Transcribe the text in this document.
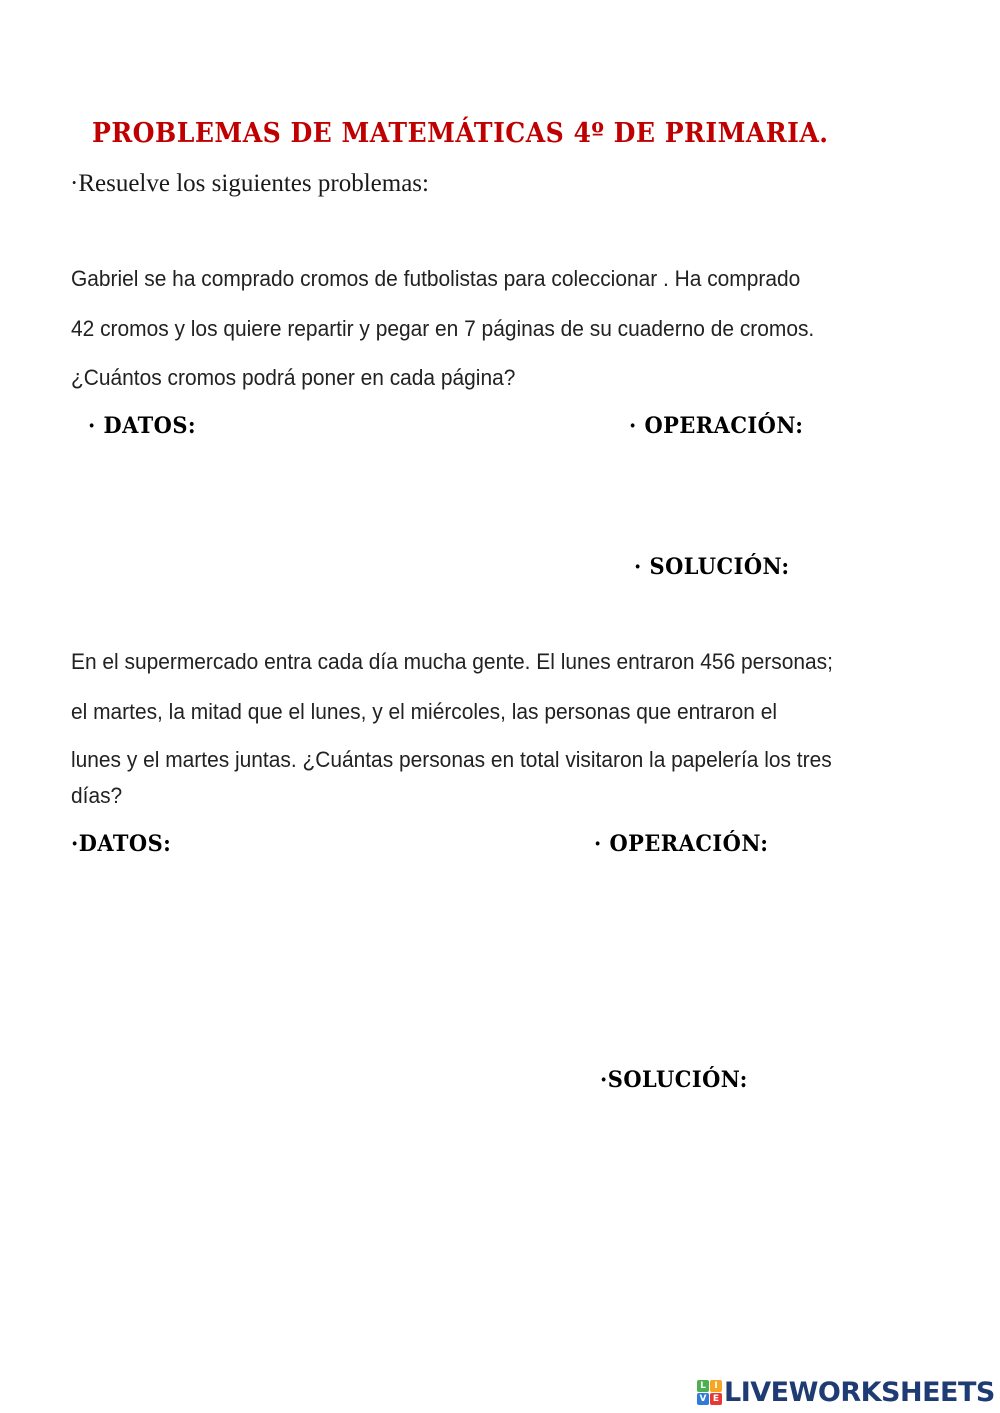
PROBLEMAS DE MATEMÁTICAS 4º DE PRIMARIA.
·Resuelve los siguientes problemas:
Gabriel se ha comprado cromos de futbolistas para coleccionar . Ha comprado
42 cromos y los quiere repartir y pegar en 7 páginas de su cuaderno de cromos.
¿Cuántos cromos podrá poner en cada página?
· DATOS:	· OPERACIÓN:
· SOLUCIÓN:
En el supermercado entra cada día mucha gente. El lunes entraron 456 personas;
el martes, la mitad que el lunes, y el miércoles, las personas que entraron el
lunes y el martes juntas. ¿Cuántas personas en total visitaron la papelería los tres
días?
·DATOS:	· OPERACIÓN:
·SOLUCIÓN:
L I
V E LIVEWORKSHEETS
